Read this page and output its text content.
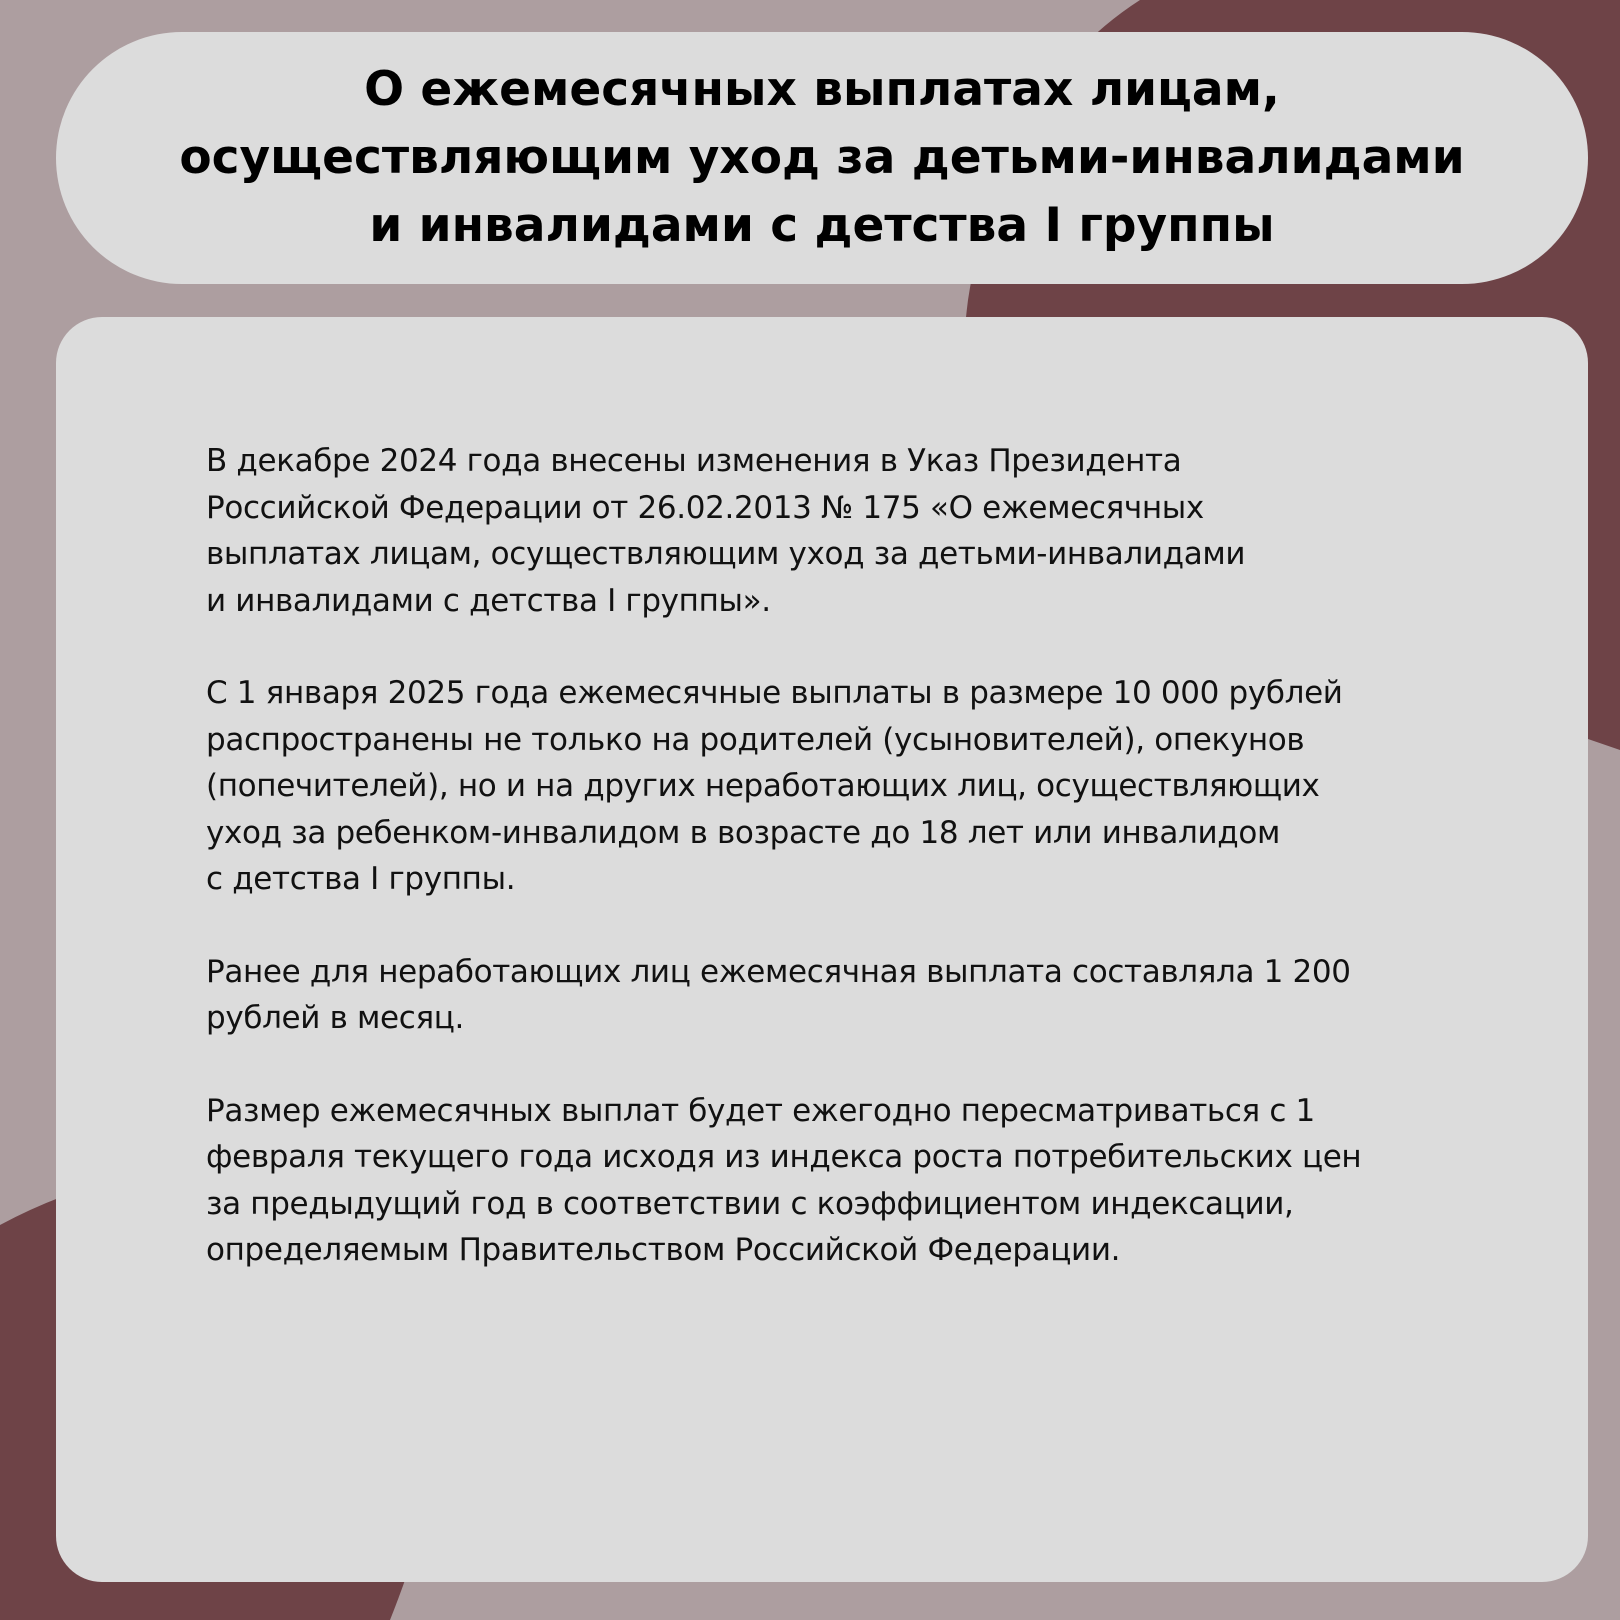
О ежемесячных выплатах лицам,
осуществляющим уход за детьми-инвалидами
и инвалидами с детства I группы
В декабре 2024 года внесены изменения в Указ Президента
Российской Федерации от 26.02.2013 № 175 «О ежемесячных
выплатах лицам, осуществляющим уход за детьми-инвалидами
и инвалидами с детства I группы».
С 1 января 2025 года ежемесячные выплаты в размере 10 000 рублей
распространены не только на родителей (усыновителей), опекунов
(попечителей), но и на других неработающих лиц, осуществляющих
уход за ребенком-инвалидом в возрасте до 18 лет или инвалидом
с детства I группы.
Ранее для неработающих лиц ежемесячная выплата составляла 1 200
рублей в месяц.
Размер ежемесячных выплат будет ежегодно пересматриваться с 1
февраля текущего года исходя из индекса роста потребительских цен
за предыдущий год в соответствии с коэффициентом индексации,
определяемым Правительством Российской Федерации.
